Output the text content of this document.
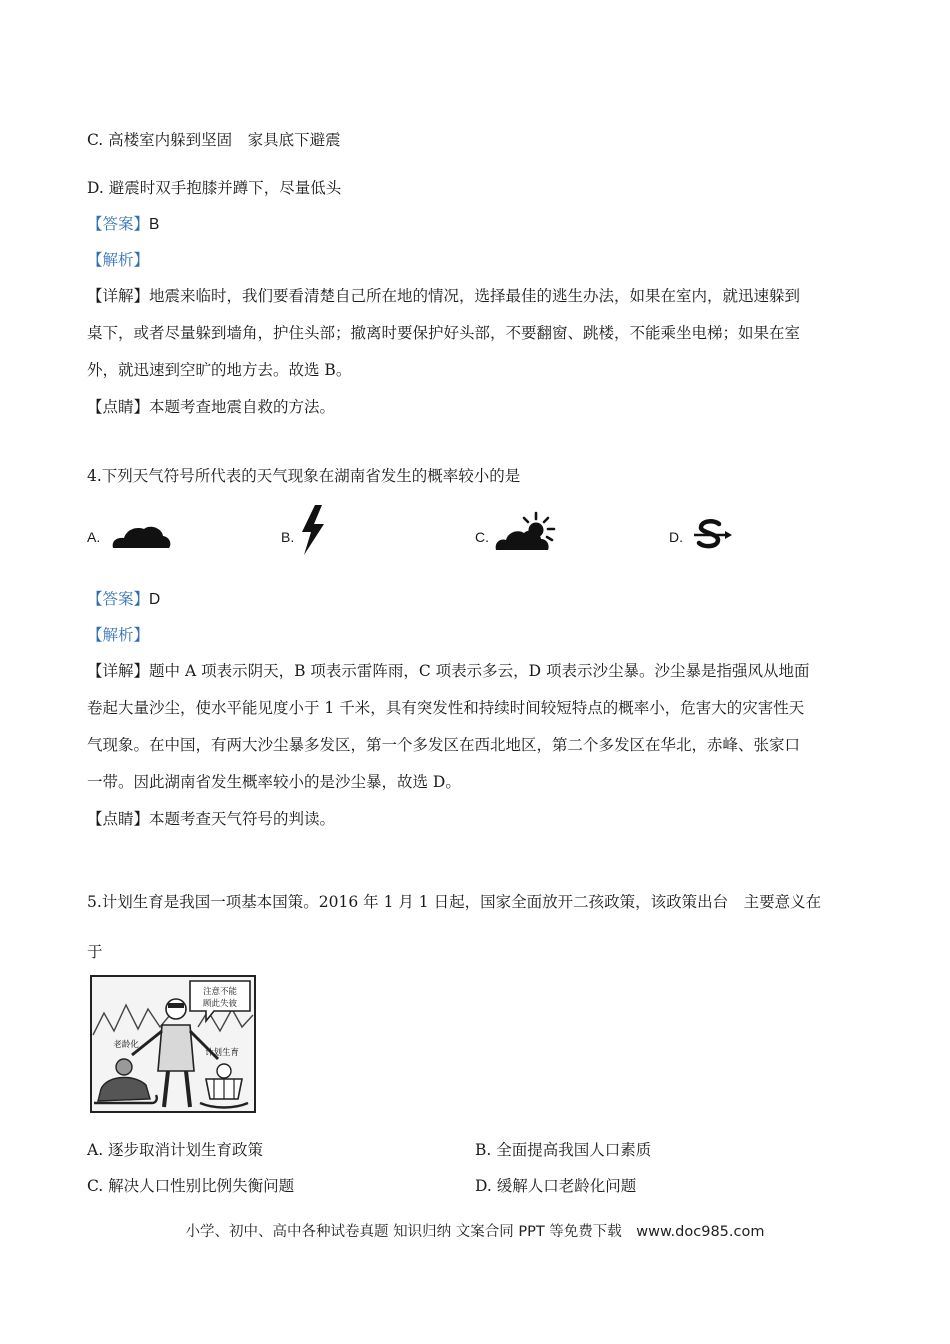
C. 高楼室内躲到坚固　家具底下避震
D. 避震时双手抱膝并蹲下，尽量低头
【答案】B
【解析】
【详解】地震来临时，我们要看清楚自己所在地的情况，选择最佳的逃生办法，如果在室内，就迅速躲到
桌下，或者尽量躲到墙角，护住头部；撤离时要保护好头部，不要翻窗、跳楼，不能乘坐电梯；如果在室
外，就迅速到空旷的地方去。故选 B。
【点睛】本题考查地震自救的方法。
4.下列天气符号所代表的天气现象在湖南省发生的概率较小的是
A.	B.	C.	D.
【答案】D
【解析】
【详解】题中 A 项表示阴天，B 项表示雷阵雨，C 项表示多云，D 项表示沙尘暴。沙尘暴是指强风从地面
卷起大量沙尘，使水平能见度小于 1 千米，具有突发性和持续时间较短特点的概率小，危害大的灾害性天
气现象。在中国，有两大沙尘暴多发区，第一个多发区在西北地区，第二个多发区在华北，赤峰、张家口
一带。因此湖南省发生概率较小的是沙尘暴，故选 D。
【点睛】本题考查天气符号的判读。
5.计划生育是我国一项基本国策。2016 年 1 月 1 日起，国家全面放开二孩政策，该政策出台　主要意义在
于
注意不能
顾此失彼
老龄化
计划生育
A. 逐步取消计划生育政策	B. 全面提高我国人口素质
C. 解决人口性别比例失衡问题	D. 缓解人口老龄化问题
小学、初中、高中各种试卷真题 知识归纳 文案合同 PPT 等免费下载　www.doc985.com
